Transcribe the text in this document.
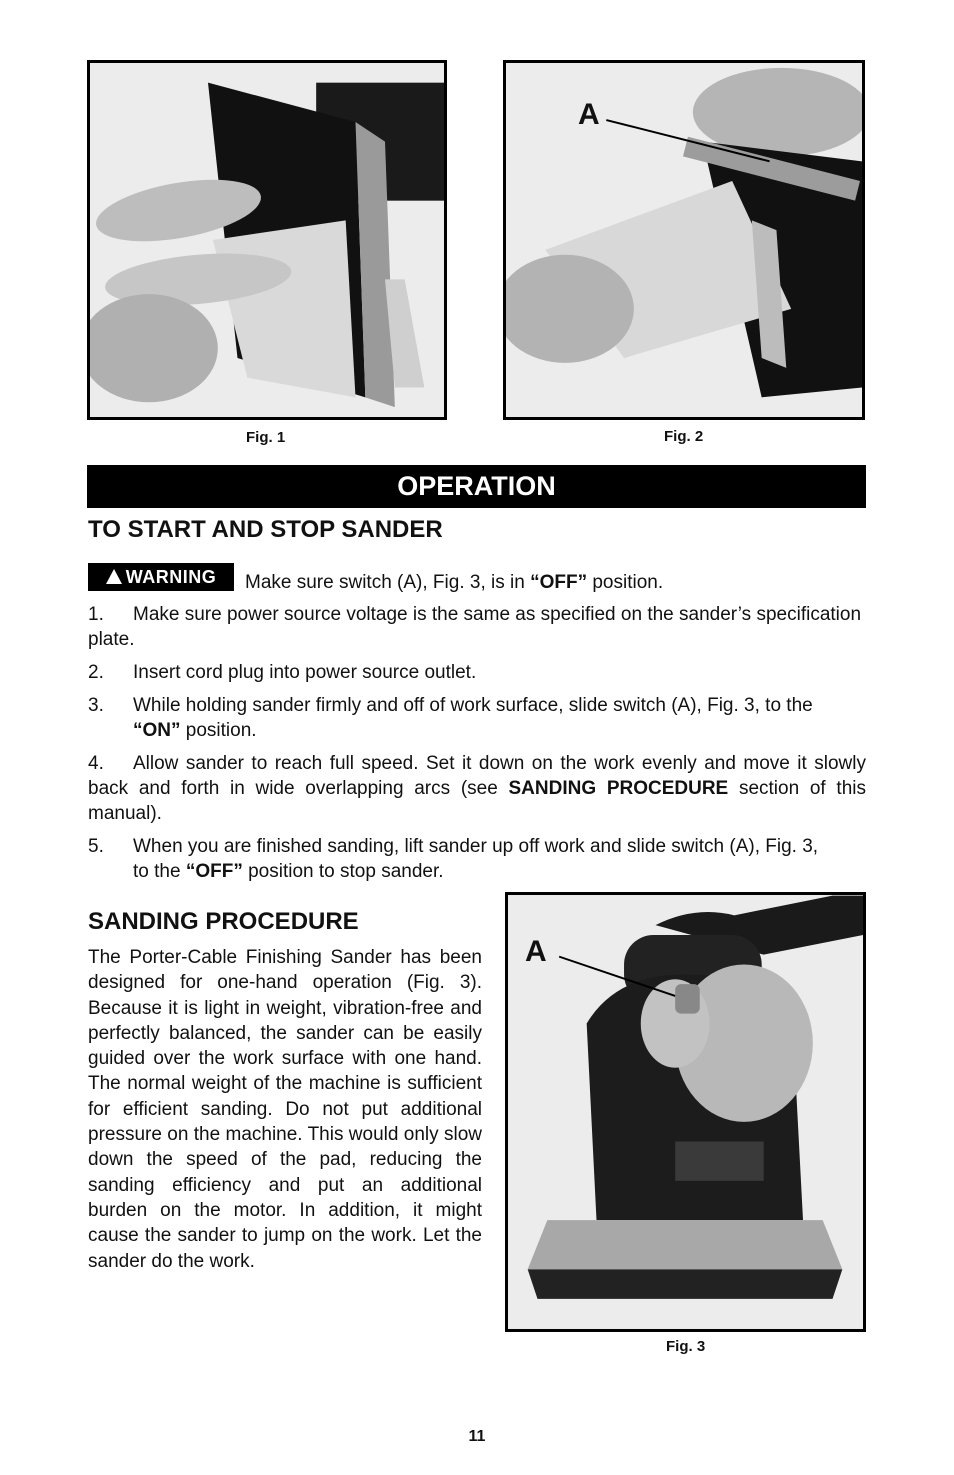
Fig. 1
A
Fig. 2
OPERATION
TO START AND STOP SANDER
WARNING	Make sure switch (A), Fig. 3, is in “OFF” position.
1. Make sure power source voltage is the same as specified on the sander’s specification plate.
2. Insert cord plug into power source outlet.
3.	While holding sander firmly and off of work surface, slide switch (A), Fig. 3, to the “ON” position.
4. Allow sander to reach full speed. Set it down on the work evenly and move it slowly back and forth in wide overlapping arcs (see SANDING PROCEDURE section of this manual).
5.	When you are finished sanding, lift sander up off work and slide switch (A), Fig. 3, to the “OFF” position to stop sander.
SANDING PROCEDURE
The Porter-Cable Finishing Sander has been designed for one-hand operation (Fig. 3). Because it is light in weight, vibration-free and perfectly balanced, the sander can be easily guided over the work surface with one hand. The normal weight of the machine is sufficient for efficient sanding. Do not put additional pressure on the machine. This would only slow down the speed of the pad, reducing the sanding efficiency and put an additional burden on the motor. In addition, it might cause the sander to jump on the work. Let the sander do the work.
A
Fig. 3
11
